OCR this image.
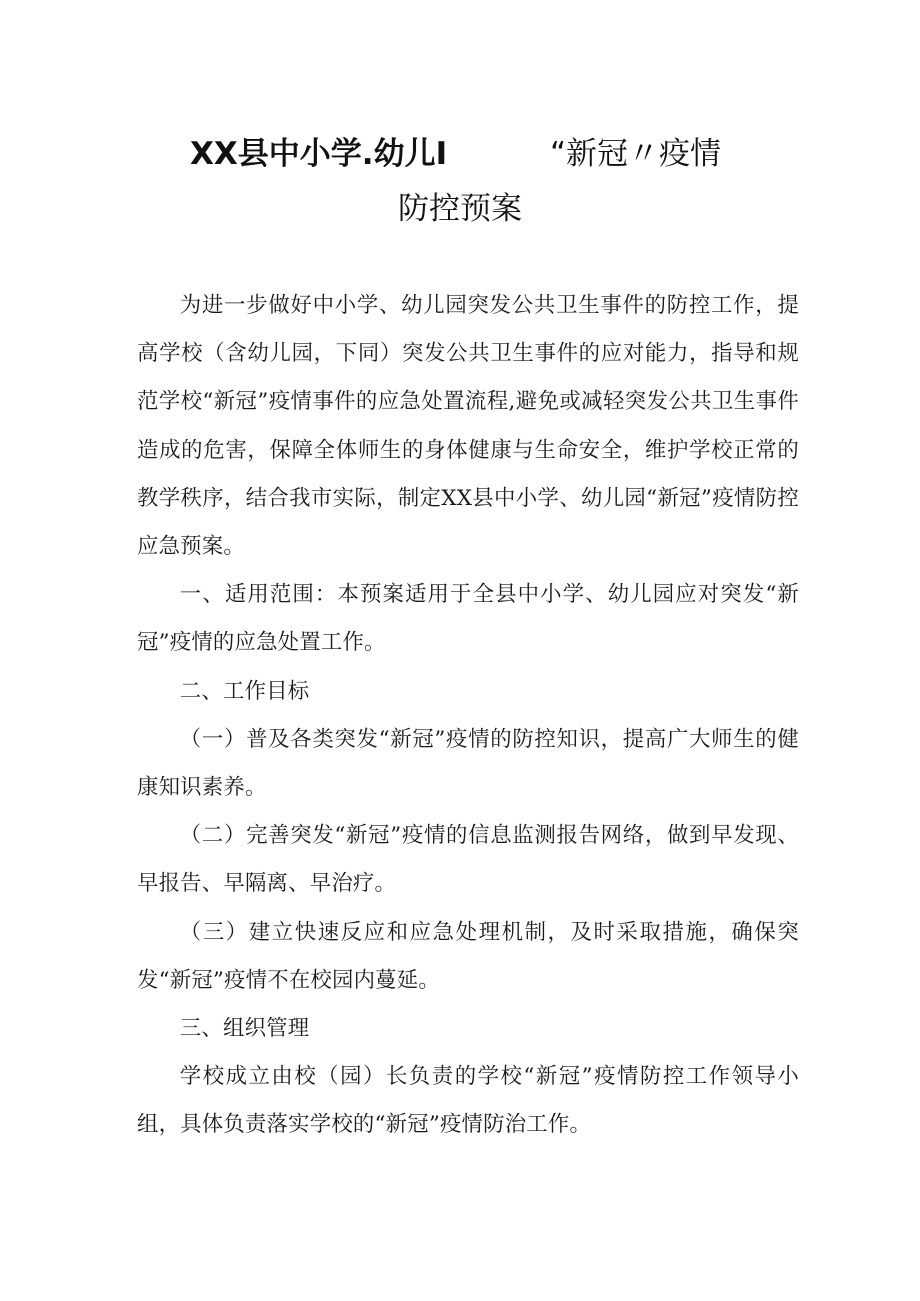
XX县中小学.幼儿I	“新冠〃疫情
防控预案

为进一步做好中小学、幼儿园突发公共卫生事件的防控工作，提高学校（含幼儿园，下同）突发公共卫生事件的应对能力，指导和规范学校“新冠”疫情事件的应急处置流程,避免或减轻突发公共卫生事件造成的危害，保障全体师生的身体健康与生命安全，维护学校正常的教学秩序，结合我市实际，制定XX县中小学、幼儿园“新冠”疫情防控应急预案。

一、适用范围：本预案适用于全县中小学、幼儿园应对突发“新冠”疫情的应急处置工作。

二、工作目标

（一）普及各类突发“新冠”疫情的防控知识，提高广大师生的健康知识素养。

（二）完善突发“新冠”疫情的信息监测报告网络，做到早发现、早报告、早隔离、早治疗。

（三）建立快速反应和应急处理机制，及时采取措施，确保突发“新冠”疫情不在校园内蔓延。

三、组织管理

学校成立由校（园）长负责的学校“新冠”疫情防控工作领导小组，具体负责落实学校的“新冠”疫情防治工作。
